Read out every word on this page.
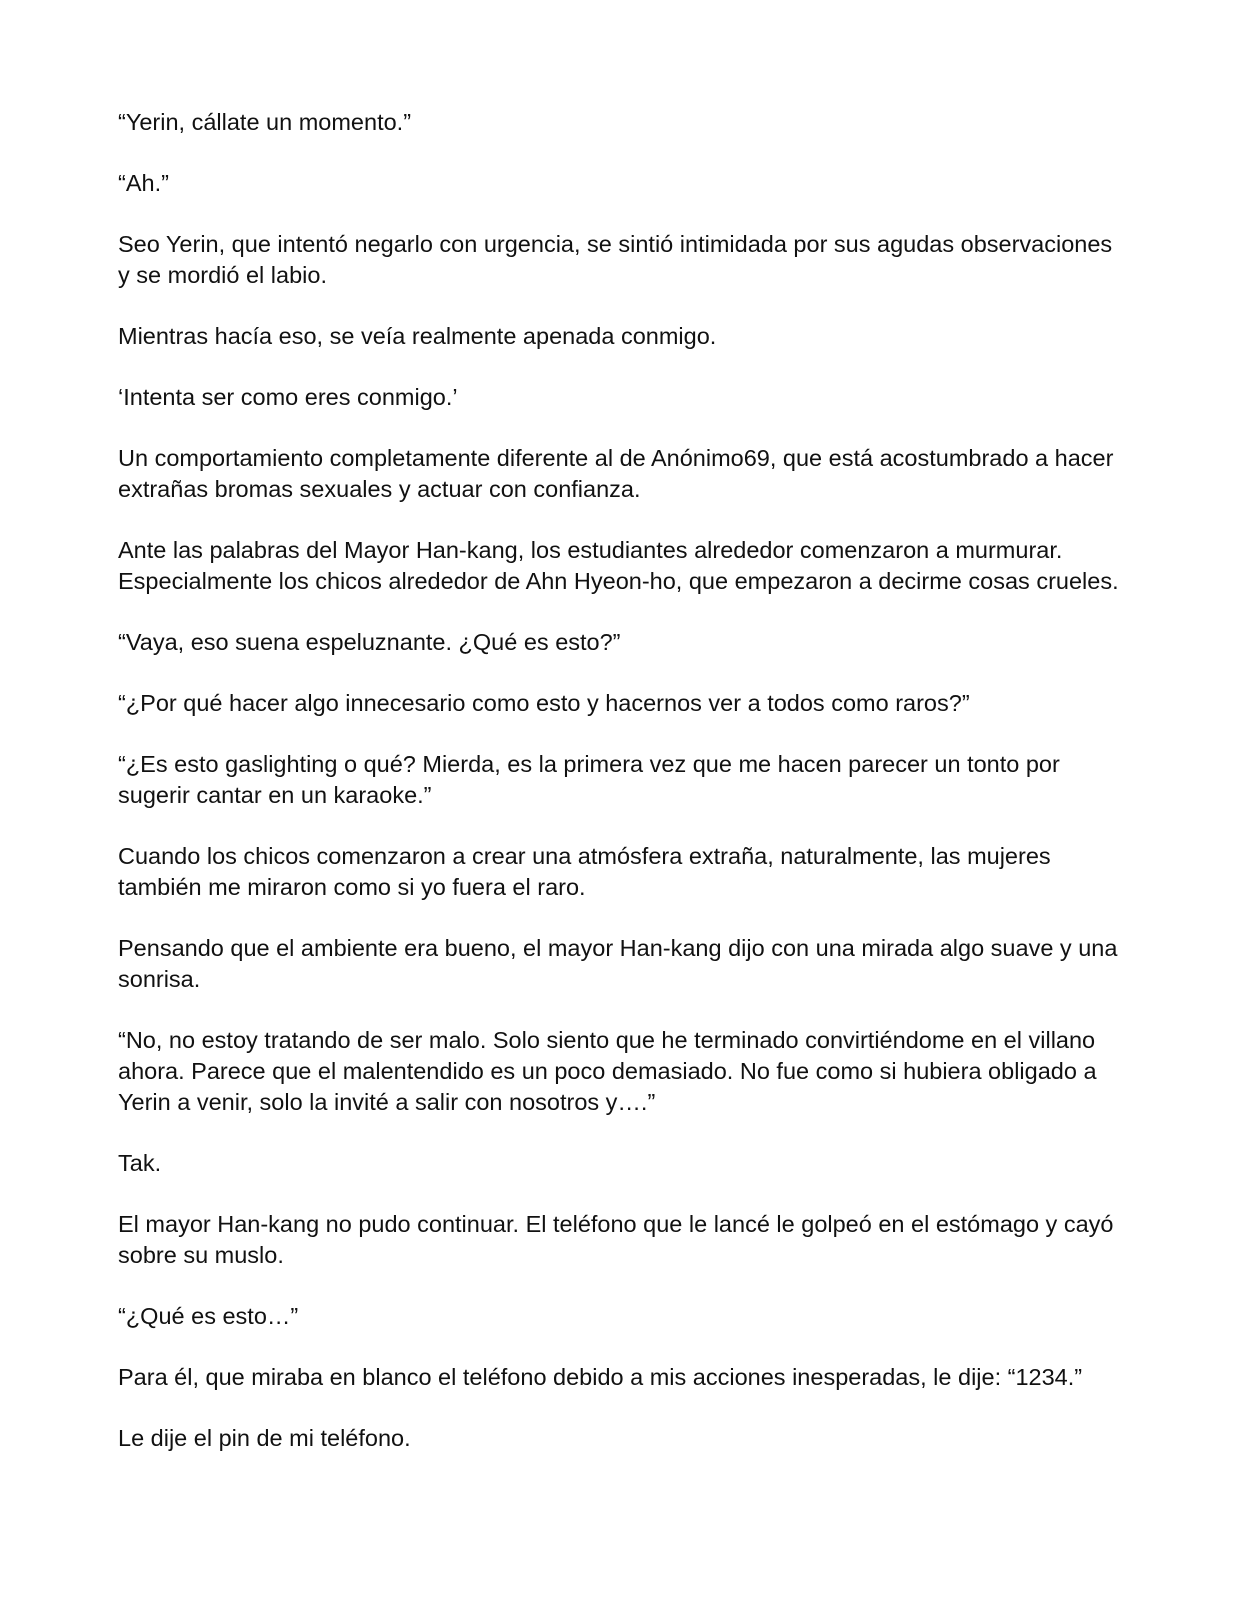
“Yerin, cállate un momento.”

“Ah.”

Seo Yerin, que intentó negarlo con urgencia, se sintió intimidada por sus agudas observaciones y se mordió el labio.

Mientras hacía eso, se veía realmente apenada conmigo.

‘Intenta ser como eres conmigo.’

Un comportamiento completamente diferente al de Anónimo69, que está acostumbrado a hacer extrañas bromas sexuales y actuar con confianza.

Ante las palabras del Mayor Han-kang, los estudiantes alrededor comenzaron a murmurar. Especialmente los chicos alrededor de Ahn Hyeon-ho, que empezaron a decirme cosas crueles.

“Vaya, eso suena espeluznante. ¿Qué es esto?”

“¿Por qué hacer algo innecesario como esto y hacernos ver a todos como raros?”

“¿Es esto gaslighting o qué? Mierda, es la primera vez que me hacen parecer un tonto por sugerir cantar en un karaoke.”

Cuando los chicos comenzaron a crear una atmósfera extraña, naturalmente, las mujeres también me miraron como si yo fuera el raro.

Pensando que el ambiente era bueno, el mayor Han-kang dijo con una mirada algo suave y una sonrisa.

“No, no estoy tratando de ser malo. Solo siento que he terminado convirtiéndome en el villano ahora. Parece que el malentendido es un poco demasiado. No fue como si hubiera obligado a Yerin a venir, solo la invité a salir con nosotros y….”

Tak.

El mayor Han-kang no pudo continuar. El teléfono que le lancé le golpeó en el estómago y cayó sobre su muslo.

“¿Qué es esto…”

Para él, que miraba en blanco el teléfono debido a mis acciones inesperadas, le dije: “1234.”

Le dije el pin de mi teléfono.
